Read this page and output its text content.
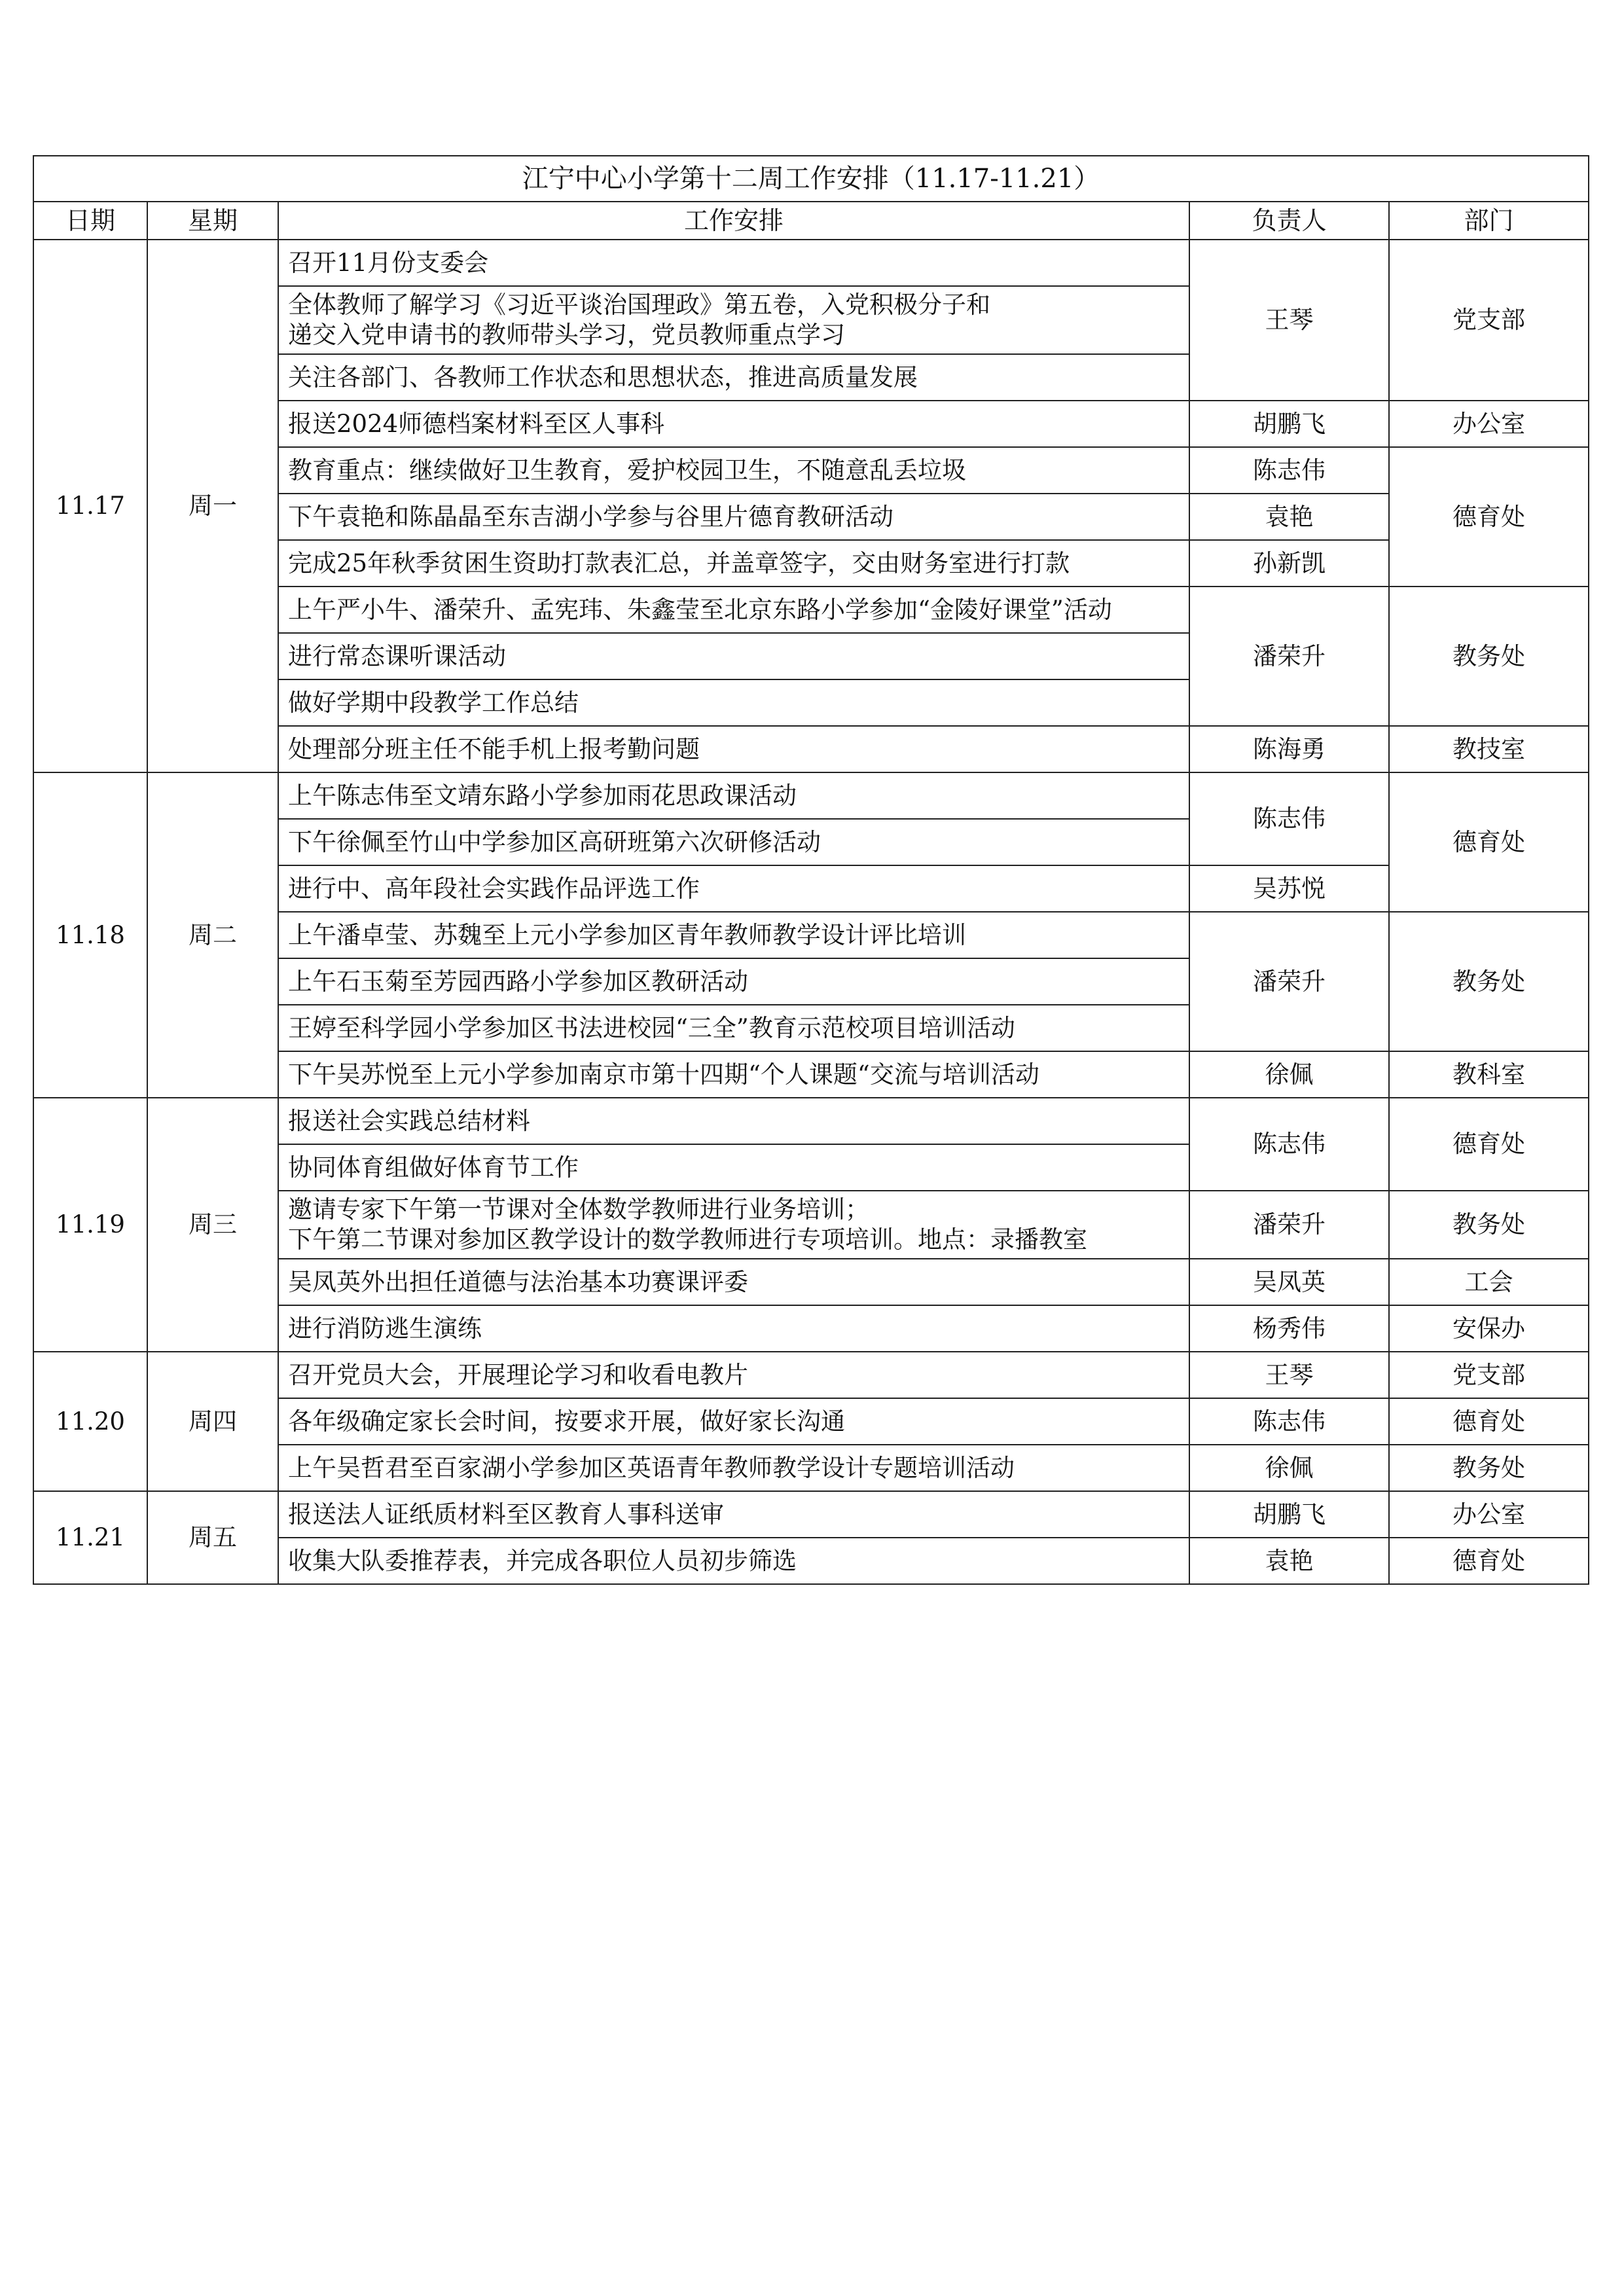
江宁中心小学第十二周工作安排（11.17-11.21）				
日期	星期	工作安排	负责人	部门
11.17	周一	召开11月份支委会	王琴	党支部

		全体教师了解学习《习近平谈治国理政》第五卷，入党积极分子和
递交入党申请书的教师带头学习，党员教师重点学习		

		关注各部门、各教师工作状态和思想状态，推进高质量发展		
		报送2024师德档案材料至区人事科	胡鹏飞	办公室
		教育重点：继续做好卫生教育，爱护校园卫生，不随意乱丢垃圾	陈志伟	德育处
		下午袁艳和陈晶晶至东吉湖小学参与谷里片德育教研活动	袁艳	
		完成25年秋季贫困生资助打款表汇总，并盖章签字，交由财务室进行打款	孙新凯	
		上午严小牛、潘荣升、孟宪玮、朱鑫莹至北京东路小学参加“金陵好课堂”活动	潘荣升	教务处
		进行常态课听课活动		
		做好学期中段教学工作总结		
		处理部分班主任不能手机上报考勤问题	陈海勇	教技室
11.18	周二	上午陈志伟至文靖东路小学参加雨花思政课活动	陈志伟	德育处
		下午徐佩至竹山中学参加区高研班第六次研修活动		
		进行中、高年段社会实践作品评选工作	吴苏悦	
		上午潘卓莹、苏魏至上元小学参加区青年教师教学设计评比培训	潘荣升	教务处
		上午石玉菊至芳园西路小学参加区教研活动		
		王婷至科学园小学参加区书法进校园“三全”教育示范校项目培训活动		
		下午吴苏悦至上元小学参加南京市第十四期“个人课题“交流与培训活动	徐佩	教科室
11.19	周三	报送社会实践总结材料	陈志伟	德育处
		协同体育组做好体育节工作		

		邀请专家下午第一节课对全体数学教师进行业务培训；
下午第二节课对参加区教学设计的数学教师进行专项培训。地点：录播教室	潘荣升	教务处
		吴凤英外出担任道德与法治基本功赛课评委	吴凤英	工会
		进行消防逃生演练	杨秀伟	安保办
11.20	周四	召开党员大会，开展理论学习和收看电教片	王琴	党支部
		各年级确定家长会时间，按要求开展，做好家长沟通	陈志伟	德育处
		上午吴哲君至百家湖小学参加区英语青年教师教学设计专题培训活动	徐佩	教务处
11.21	周五	报送法人证纸质材料至区教育人事科送审	胡鹏飞	办公室
		收集大队委推荐表，并完成各职位人员初步筛选	袁艳	德育处
